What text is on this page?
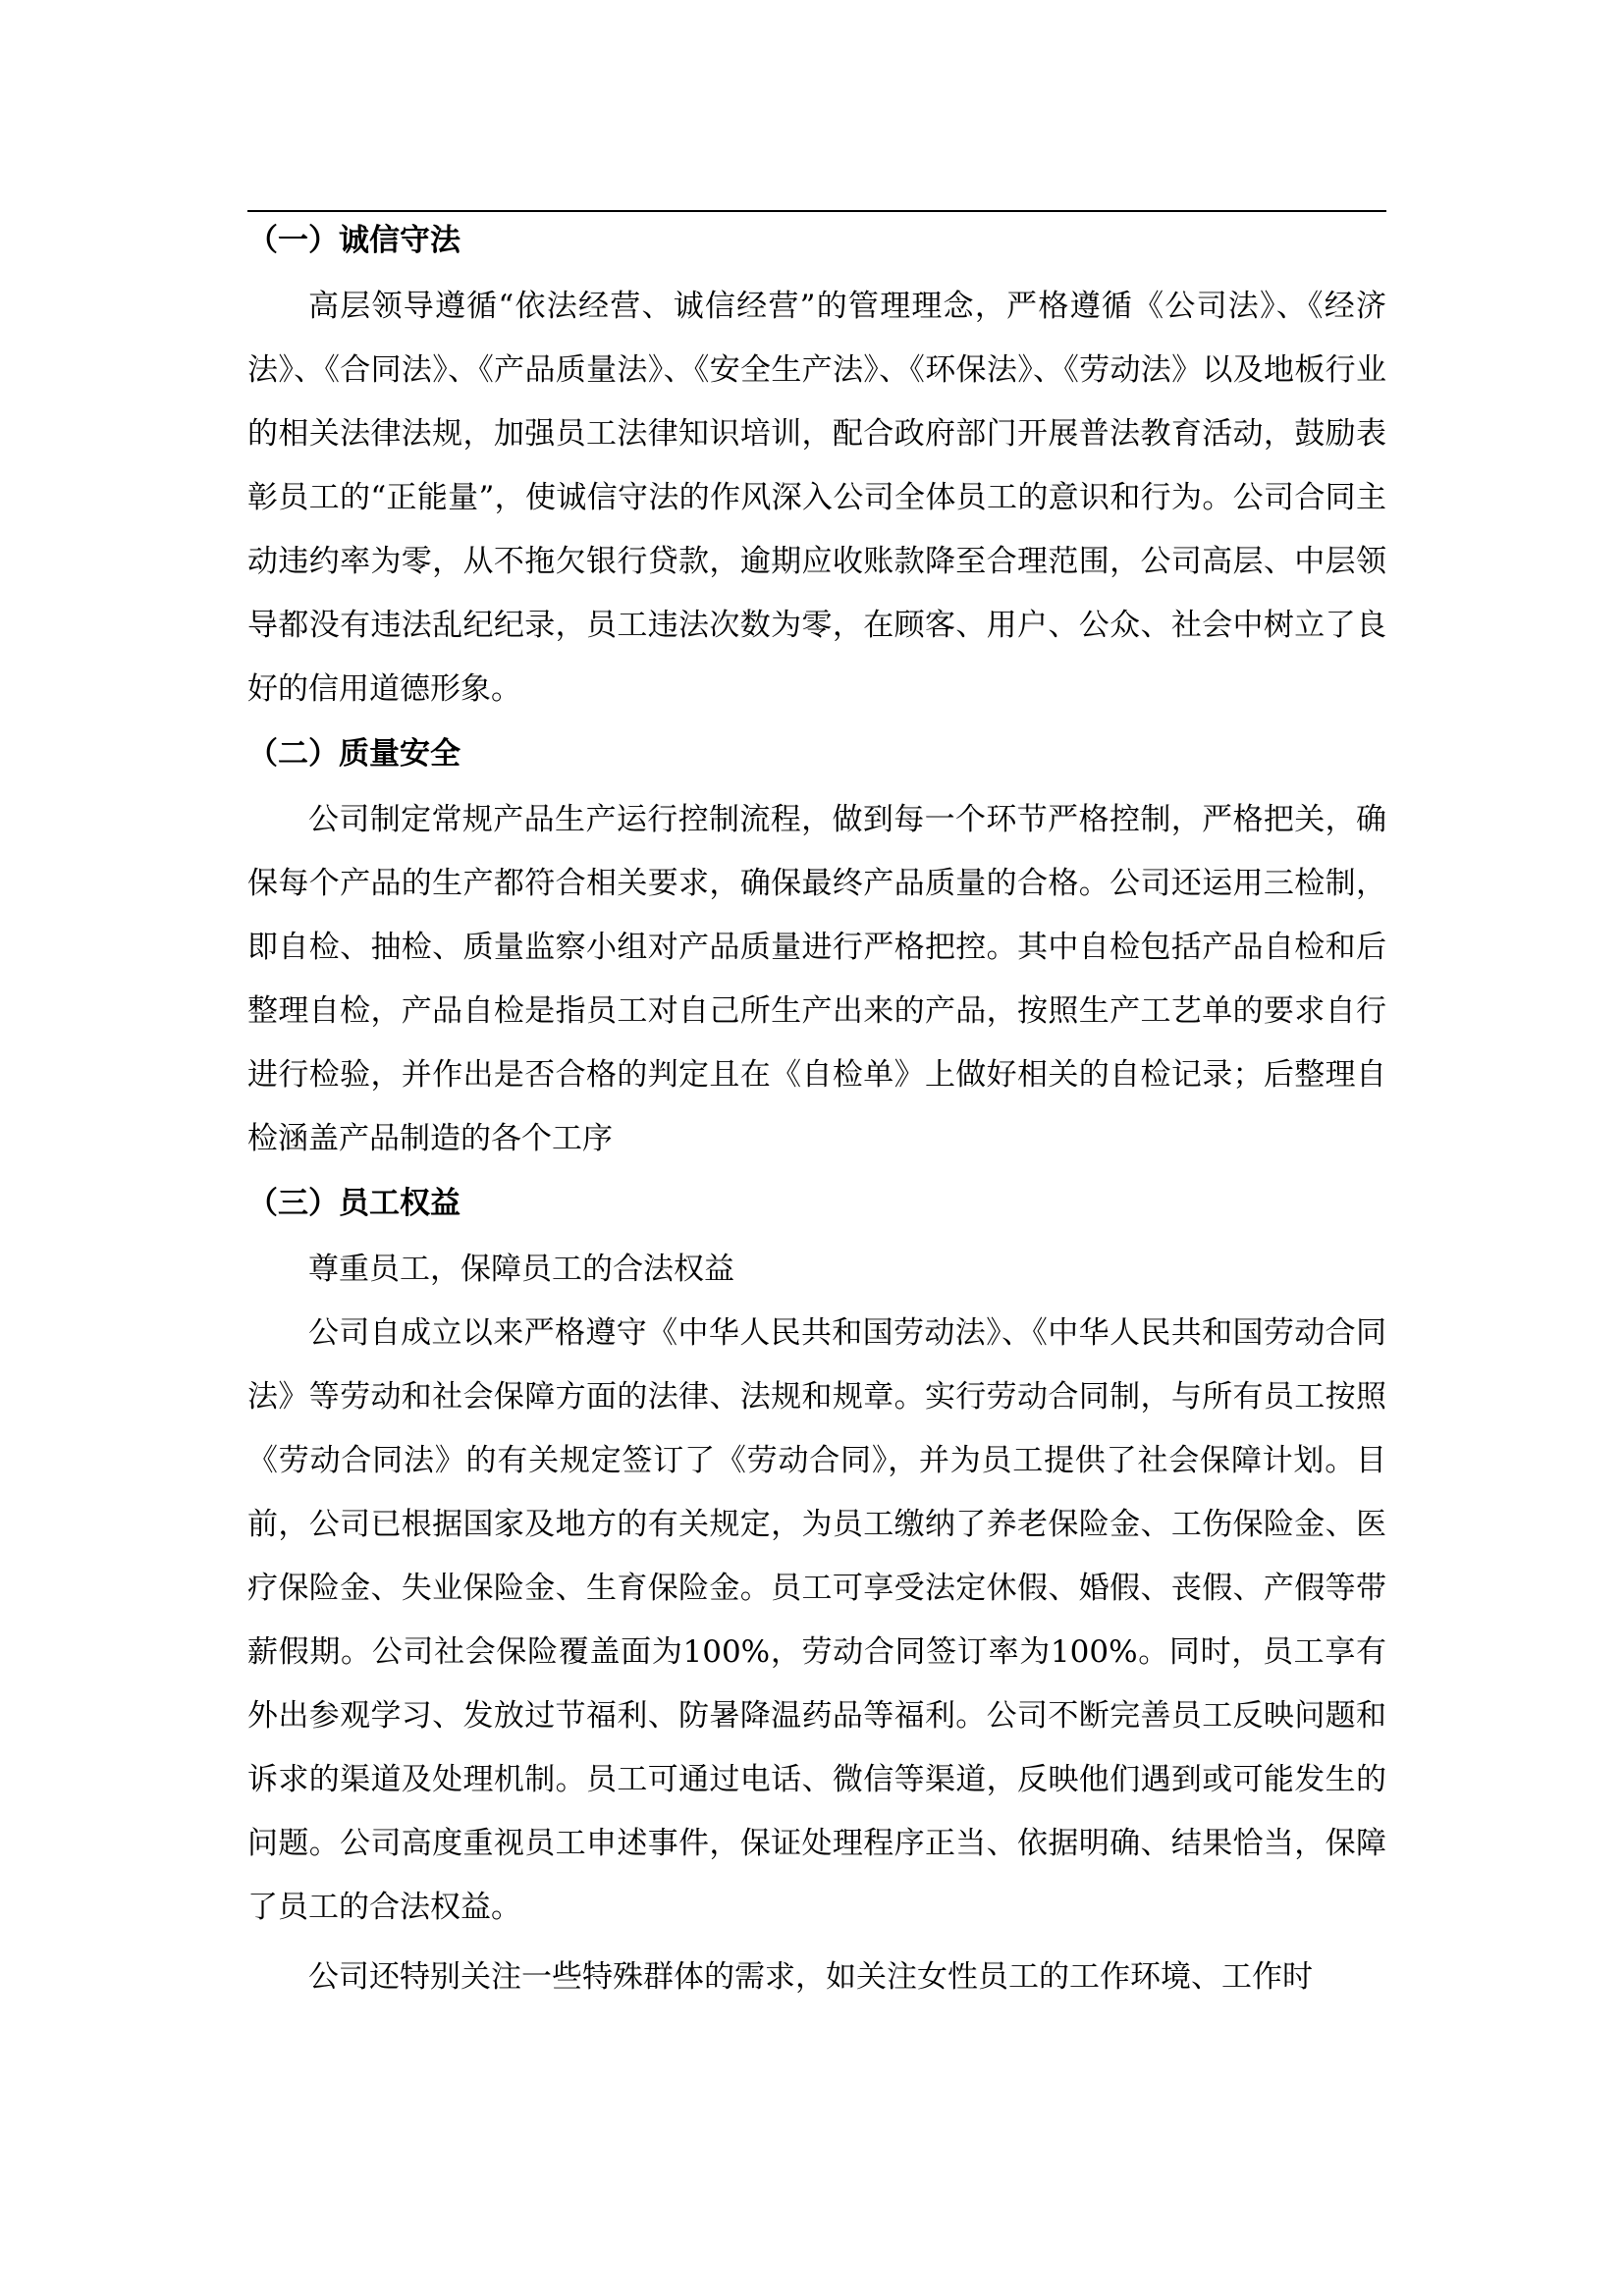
（一）诚信守法

高层领导遵循“依法经营、诚信经营”的管理理念，严格遵循《公司法》、《经济法》、《合同法》、《产品质量法》、《安全生产法》、《环保法》、《劳动法》以及地板行业的相关法律法规，加强员工法律知识培训，配合政府部门开展普法教育活动，鼓励表彰员工的“正能量”，使诚信守法的作风深入公司全体员工的意识和行为。公司合同主动违约率为零，从不拖欠银行贷款，逾期应收账款降至合理范围，公司高层、中层领导都没有违法乱纪纪录，员工违法次数为零，在顾客、用户、公众、社会中树立了良好的信用道德形象。

（二）质量安全

公司制定常规产品生产运行控制流程，做到每一个环节严格控制，严格把关，确保每个产品的生产都符合相关要求，确保最终产品质量的合格。公司还运用三检制，即自检、抽检、质量监察小组对产品质量进行严格把控。其中自检包括产品自检和后整理自检，产品自检是指员工对自己所生产出来的产品，按照生产工艺单的要求自行进行检验，并作出是否合格的判定且在《自检单》上做好相关的自检记录；后整理自检涵盖产品制造的各个工序

（三）员工权益

尊重员工，保障员工的合法权益

公司自成立以来严格遵守《中华人民共和国劳动法》、《中华人民共和国劳动合同法》等劳动和社会保障方面的法律、法规和规章。实行劳动合同制，与所有员工按照《劳动合同法》的有关规定签订了《劳动合同》，并为员工提供了社会保障计划。目前，公司已根据国家及地方的有关规定，为员工缴纳了养老保险金、工伤保险金、医疗保险金、失业保险金、生育保险金。员工可享受法定休假、婚假、丧假、产假等带薪假期。公司社会保险覆盖面为100%，劳动合同签订率为100%。同时，员工享有外出参观学习、发放过节福利、防暑降温药品等福利。公司不断完善员工反映问题和诉求的渠道及处理机制。员工可通过电话、微信等渠道，反映他们遇到或可能发生的问题。公司高度重视员工申述事件，保证处理程序正当、依据明确、结果恰当，保障了员工的合法权益。

公司还特别关注一些特殊群体的需求，如关注女性员工的工作环境、工作时
